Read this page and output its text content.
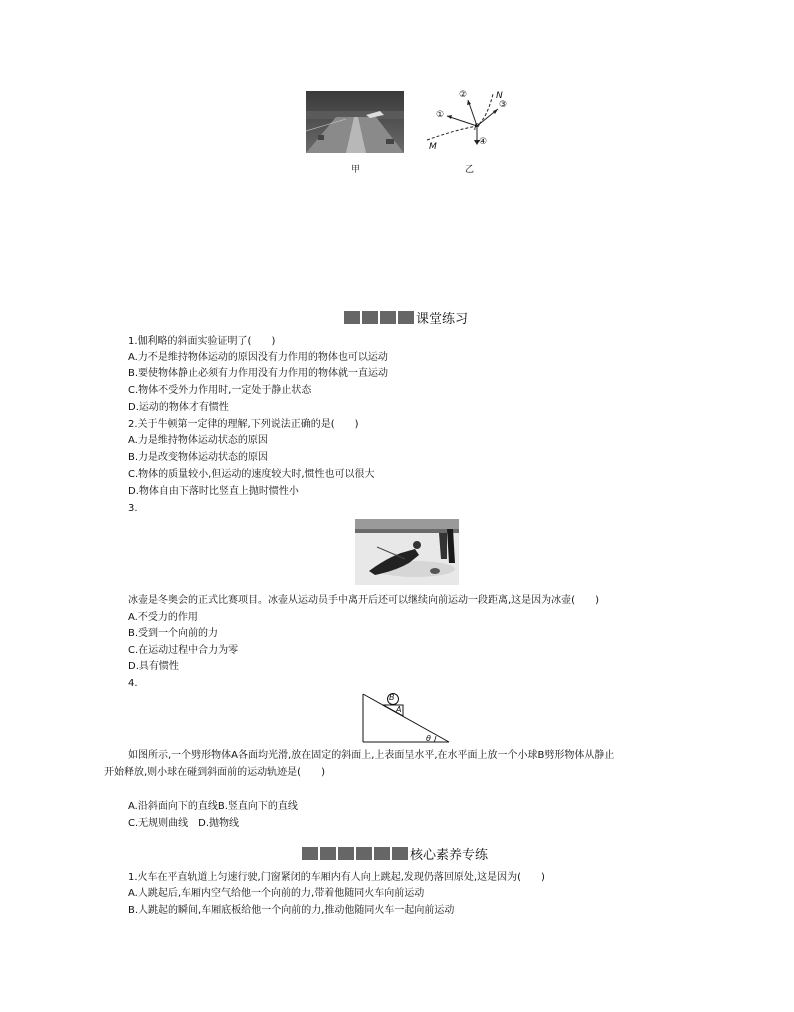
甲
①
②
③
④
P
M
N
乙
课堂练习
1.伽利略的斜面实验证明了(　　)
A.力不是维持物体运动的原因没有力作用的物体也可以运动
B.要使物体静止必须有力作用没有力作用的物体就一直运动
C.物体不受外力作用时,一定处于静止状态
D.运动的物体才有惯性
2.关于牛顿第一定律的理解,下列说法正确的是(　　)
A.力是维持物体运动状态的原因
B.力是改变物体运动状态的原因
C.物体的质量较小,但运动的速度较大时,惯性也可以很大
D.物体自由下落时比竖直上抛时惯性小
3.
冰壶是冬奥会的正式比赛项目。冰壶从运动员手中离开后还可以继续向前运动一段距离,这是因为冰壶(　　)
A.不受力的作用
B.受到一个向前的力
C.在运动过程中合力为零
D.具有惯性
4.
B
A
θ
如图所示,一个劈形物体A各面均光滑,放在固定的斜面上,上表面呈水平,在水平面上放一个小球B劈形物体从静止
开始释放,则小球在碰到斜面前的运动轨迹是(　　)
A.沿斜面向下的直线B.竖直向下的直线
C.无规则曲线　D.抛物线
核心素养专练
1.火车在平直轨道上匀速行驶,门窗紧闭的车厢内有人向上跳起,发现仍落回原处,这是因为(　　)
A.人跳起后,车厢内空气给他一个向前的力,带着他随同火车向前运动
B.人跳起的瞬间,车厢底板给他一个向前的力,推动他随同火车一起向前运动
